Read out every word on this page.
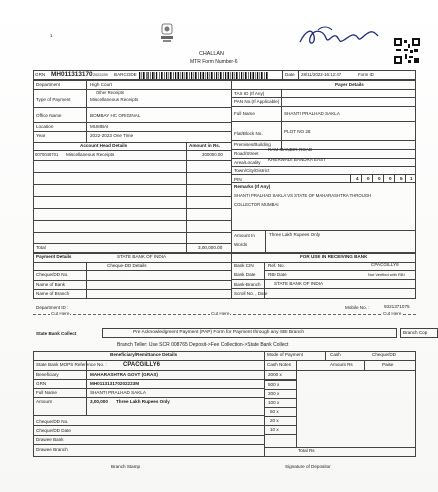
1
CHALLAN
MTR Form Number-6
GRN MH011313170 2022239 BARCODE	Date 28/11/2022-16:12:47	Form ID
Department	High Court
Other Receipts
Type of Payment	Miscellaneous Receipts
Office Name	BOMBAY HC ORIGINAL
Location	MUMBAI
Year	2022-2023 One Time
Account Head Details	Amount in Rs.
0070046701 Miscellaneous Receipts	300000.00
Total	3,00,000.00
Payer Details
TAX ID (If Any)
PAN No.(If Applicable)
Full Name	SHANTI PRALHAD SAKLA
Flat/Block No.	PLOT NO 28
Premises/Building
Road/Street
RAM MANDIR ROAD
Area/Locality
KHERWADI BANDRA EAST
Town/City/District
PIN	4 0 0 0 5 1
Remarks (If Any)
SHANTI PRALHAD SAKLA VS STATE OF MAHARASHTRA THROUGH
COLLECTOR MUMBAI
Amount In
Words
Three Lakh Rupees Only
Payment Details	STATE BANK OF INDIA
Cheque-DD Details
Cheque/DD No.
Name of Bank
Name of Branch
FOR USE IN RECEIVING BANK
Bank CIN	Ref. No.	CPACGILLY6
Bank Date	RBI Date	Not Verified with RBI
Bank-Branch	STATE BANK OF INDIA
Scroll No. , Date
Department ID :	Mobile No. :	9321371075
Cut Here	Cut Here	Cut Here
State Bank Collect	Pre Acknowledgment Payment (PAP) Form for Payment through any SBI Branch	Branch Cop
Branch Teller: Use SCR 008765 Deposit->Fee Collection->State Bank Collect
Beneficiary/Remittance Details	Mode of Payment	Cash	Cheque/DD
State Bank MOPS Reference No. :	CPACGILLY6	Cash Notes	Amount Rs	Paise
Beneficiary	MAHARASHTRA GOVT (GRAS)	2000 x
GRN	MH011313170202223M	500 x
Full Name	SHANTI PRALHAD SAKLA	200 x
Amount	3,00,000 Three Lakh Rupees Only	100 x
50 x
Cheque/DD No.	20 x
Cheque/DD Date	10 x
Drawee Bank
Drawee Branch	Total Rs
Branch Stamp	Signature of Depositor
